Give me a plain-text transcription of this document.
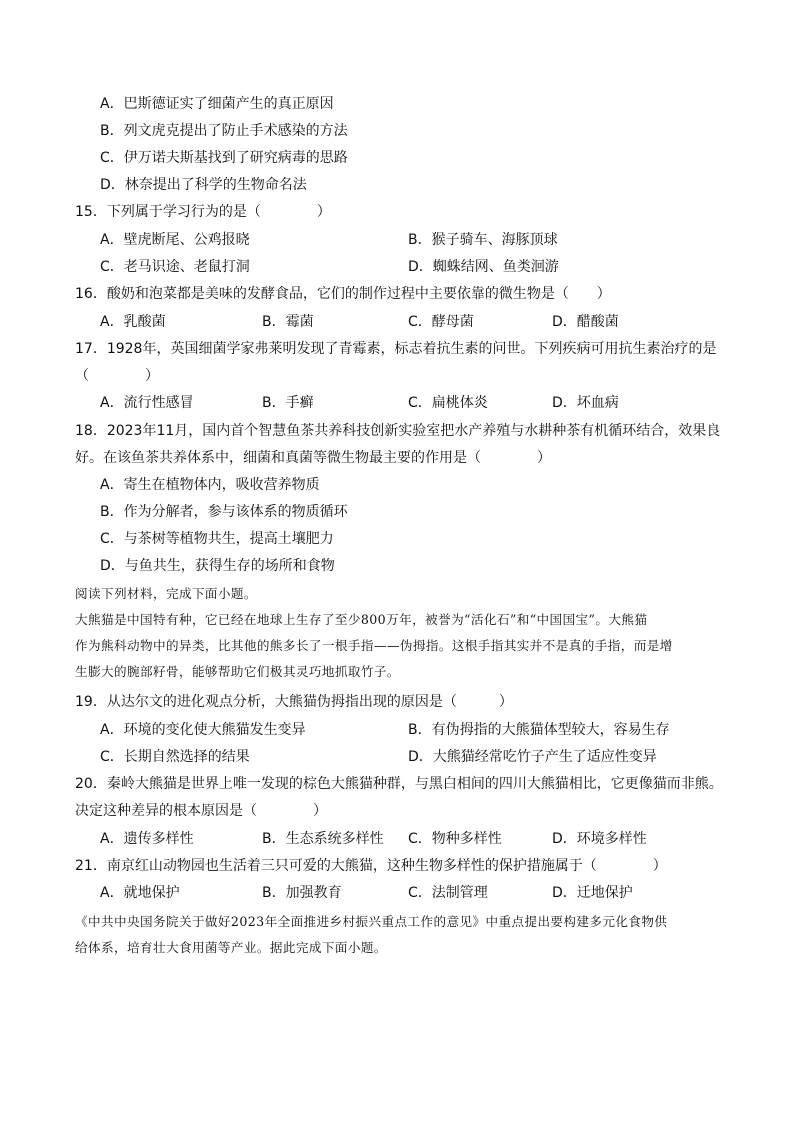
A．巴斯德证实了细菌产生的真正原因
B．列文虎克提出了防止手术感染的方法
C．伊万诺夫斯基找到了研究病毒的思路
D．林奈提出了科学的生物命名法
15．下列属于学习行为的是（　　　　）
A．壁虎断尾、公鸡报晓	B．猴子骑车、海豚顶球
C．老马识途、老鼠打洞	D．蜘蛛结网、鱼类洄游
16．酸奶和泡菜都是美味的发酵食品，它们的制作过程中主要依靠的微生物是（　　）
A．乳酸菌	B．霉菌	C．酵母菌	D．醋酸菌
17．1928年，英国细菌学家弗莱明发现了青霉素，标志着抗生素的问世。下列疾病可用抗生素治疗的是
（　　　　）
A．流行性感冒	B．手癣	C．扁桃体炎	D．坏血病
18．2023年11月，国内首个智慧鱼茶共养科技创新实验室把水产养殖与水耕种茶有机循环结合，效果良
好。在该鱼茶共养体系中，细菌和真菌等微生物最主要的作用是（　　　　）
A．寄生在植物体内，吸收营养物质
B．作为分解者，参与该体系的物质循环
C．与茶树等植物共生，提高土壤肥力
D．与鱼共生，获得生存的场所和食物
阅读下列材料，完成下面小题。
大熊猫是中国特有种，它已经在地球上生存了至少800万年，被誉为“活化石”和“中国国宝”。大熊猫
作为熊科动物中的异类，比其他的熊多长了一根手指——伪拇指。这根手指其实并不是真的手指，而是增
生膨大的腕部籽骨，能够帮助它们极其灵巧地抓取竹子。
19．从达尔文的进化观点分析，大熊猫伪拇指出现的原因是（　　　）
A．环境的变化使大熊猫发生变异	B．有伪拇指的大熊猫体型较大，容易生存
C．长期自然选择的结果	D．大熊猫经常吃竹子产生了适应性变异
20．秦岭大熊猫是世界上唯一发现的棕色大熊猫种群，与黑白相间的四川大熊猫相比，它更像猫而非熊。
决定这种差异的根本原因是（　　　　）
A．遗传多样性	B．生态系统多样性 C．物种多样性	D．环境多样性
21．南京红山动物园也生活着三只可爱的大熊猫，这种生物多样性的保护措施属于（　　　　）
A．就地保护	B．加强教育	C．法制管理	D．迁地保护
《中共中央国务院关于做好2023年全面推进乡村振兴重点工作的意见》中重点提出要构建多元化食物供
给体系，培育壮大食用菌等产业。据此完成下面小题。
